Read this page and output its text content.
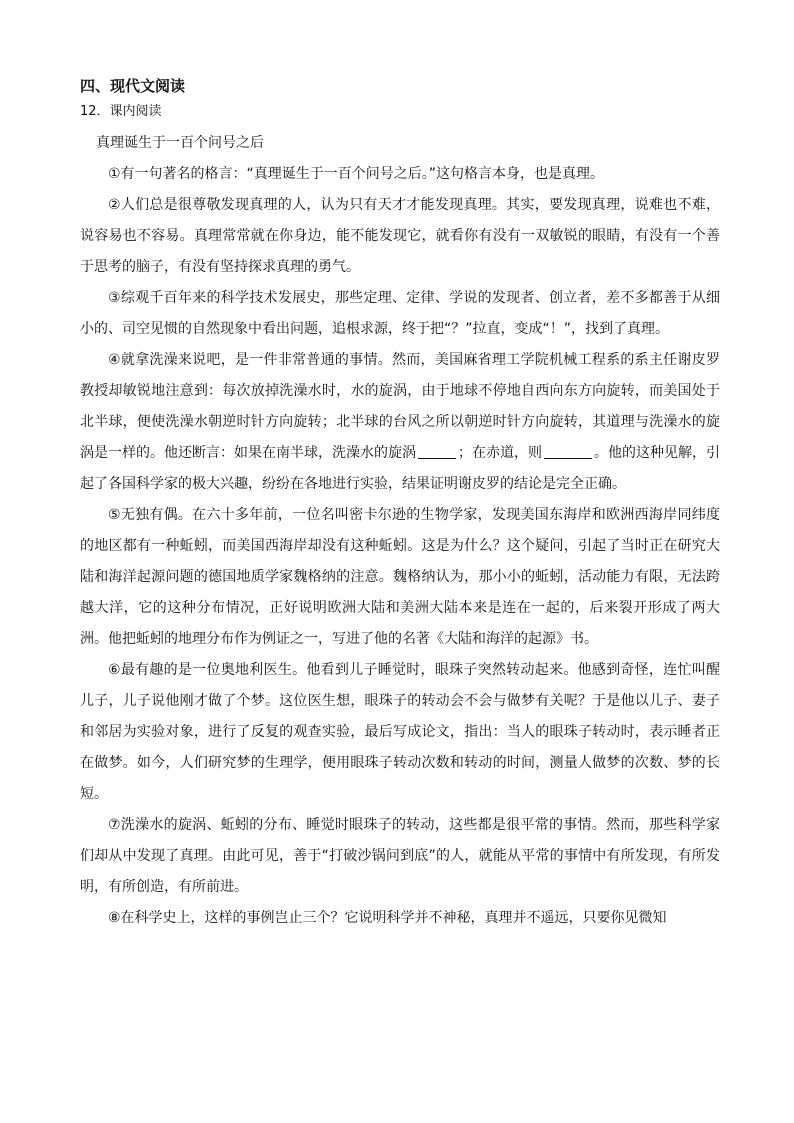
四、现代文阅读
12．课内阅读
真理诞生于一百个问号之后

①有一句著名的格言：“真理诞生于一百个问号之后。”这句格言本身，也是真理。

②人们总是很尊敬发现真理的人，认为只有天才才能发现真理。其实，要发现真理，说难也不难，说容易也不容易。真理常常就在你身边，能不能发现它，就看你有没有一双敏锐的眼睛，有没有一个善于思考的脑子，有没有坚持探求真理的勇气。

③综观千百年来的科学技术发展史，那些定理、定律、学说的发现者、创立者，差不多都善于从细小的、司空见惯的自然现象中看出问题，追根求源，终于把“？”拉直，变成“！”，找到了真理。

④就拿洗澡来说吧，是一件非常普通的事情。然而，美国麻省理工学院机械工程系的系主任谢皮罗教授却敏锐地注意到：每次放掉洗澡水时，水的旋涡，由于地球不停地自西向东方向旋转，而美国处于北半球，便使洗澡水朝逆时针方向旋转；北半球的台风之所以朝逆时针方向旋转，其道理与洗澡水的旋涡是一样的。他还断言：如果在南半球，洗澡水的旋涡	；在赤道，则	。他的这种见解，引起了各国科学家的极大兴趣，纷纷在各地进行实验，结果证明谢皮罗的结论是完全正确。

⑤无独有偶。在六十多年前，一位名叫密卡尔逊的生物学家，发现美国东海岸和欧洲西海岸同纬度的地区都有一种蚯蚓，而美国西海岸却没有这种蚯蚓。这是为什么？这个疑问，引起了当时正在研究大陆和海洋起源问题的德国地质学家魏格纳的注意。魏格纳认为，那小小的蚯蚓，活动能力有限，无法跨越大洋，它的这种分布情况，正好说明欧洲大陆和美洲大陆本来是连在一起的，后来裂开形成了两大洲。他把蚯蚓的地理分布作为例证之一，写进了他的名著《大陆和海洋的起源》书。

⑥最有趣的是一位奥地利医生。他看到儿子睡觉时，眼珠子突然转动起来。他感到奇怪，连忙叫醒儿子，儿子说他刚才做了个梦。这位医生想，眼珠子的转动会不会与做梦有关呢？于是他以儿子、妻子和邻居为实验对象，进行了反复的观查实验，最后写成论文，指出：当人的眼珠子转动时，表示睡者正在做梦。如今，人们研究梦的生理学，便用眼珠子转动次数和转动的时间，测量人做梦的次数、梦的长短。

⑦洗澡水的旋涡、蚯蚓的分布、睡觉时眼珠子的转动，这些都是很平常的事情。然而，那些科学家们却从中发现了真理。由此可见，善于“打破沙锅问到底”的人，就能从平常的事情中有所发现，有所发明，有所创造，有所前进。

⑧在科学史上，这样的事例岂止三个？它说明科学并不神秘，真理并不遥远，只要你见微知
